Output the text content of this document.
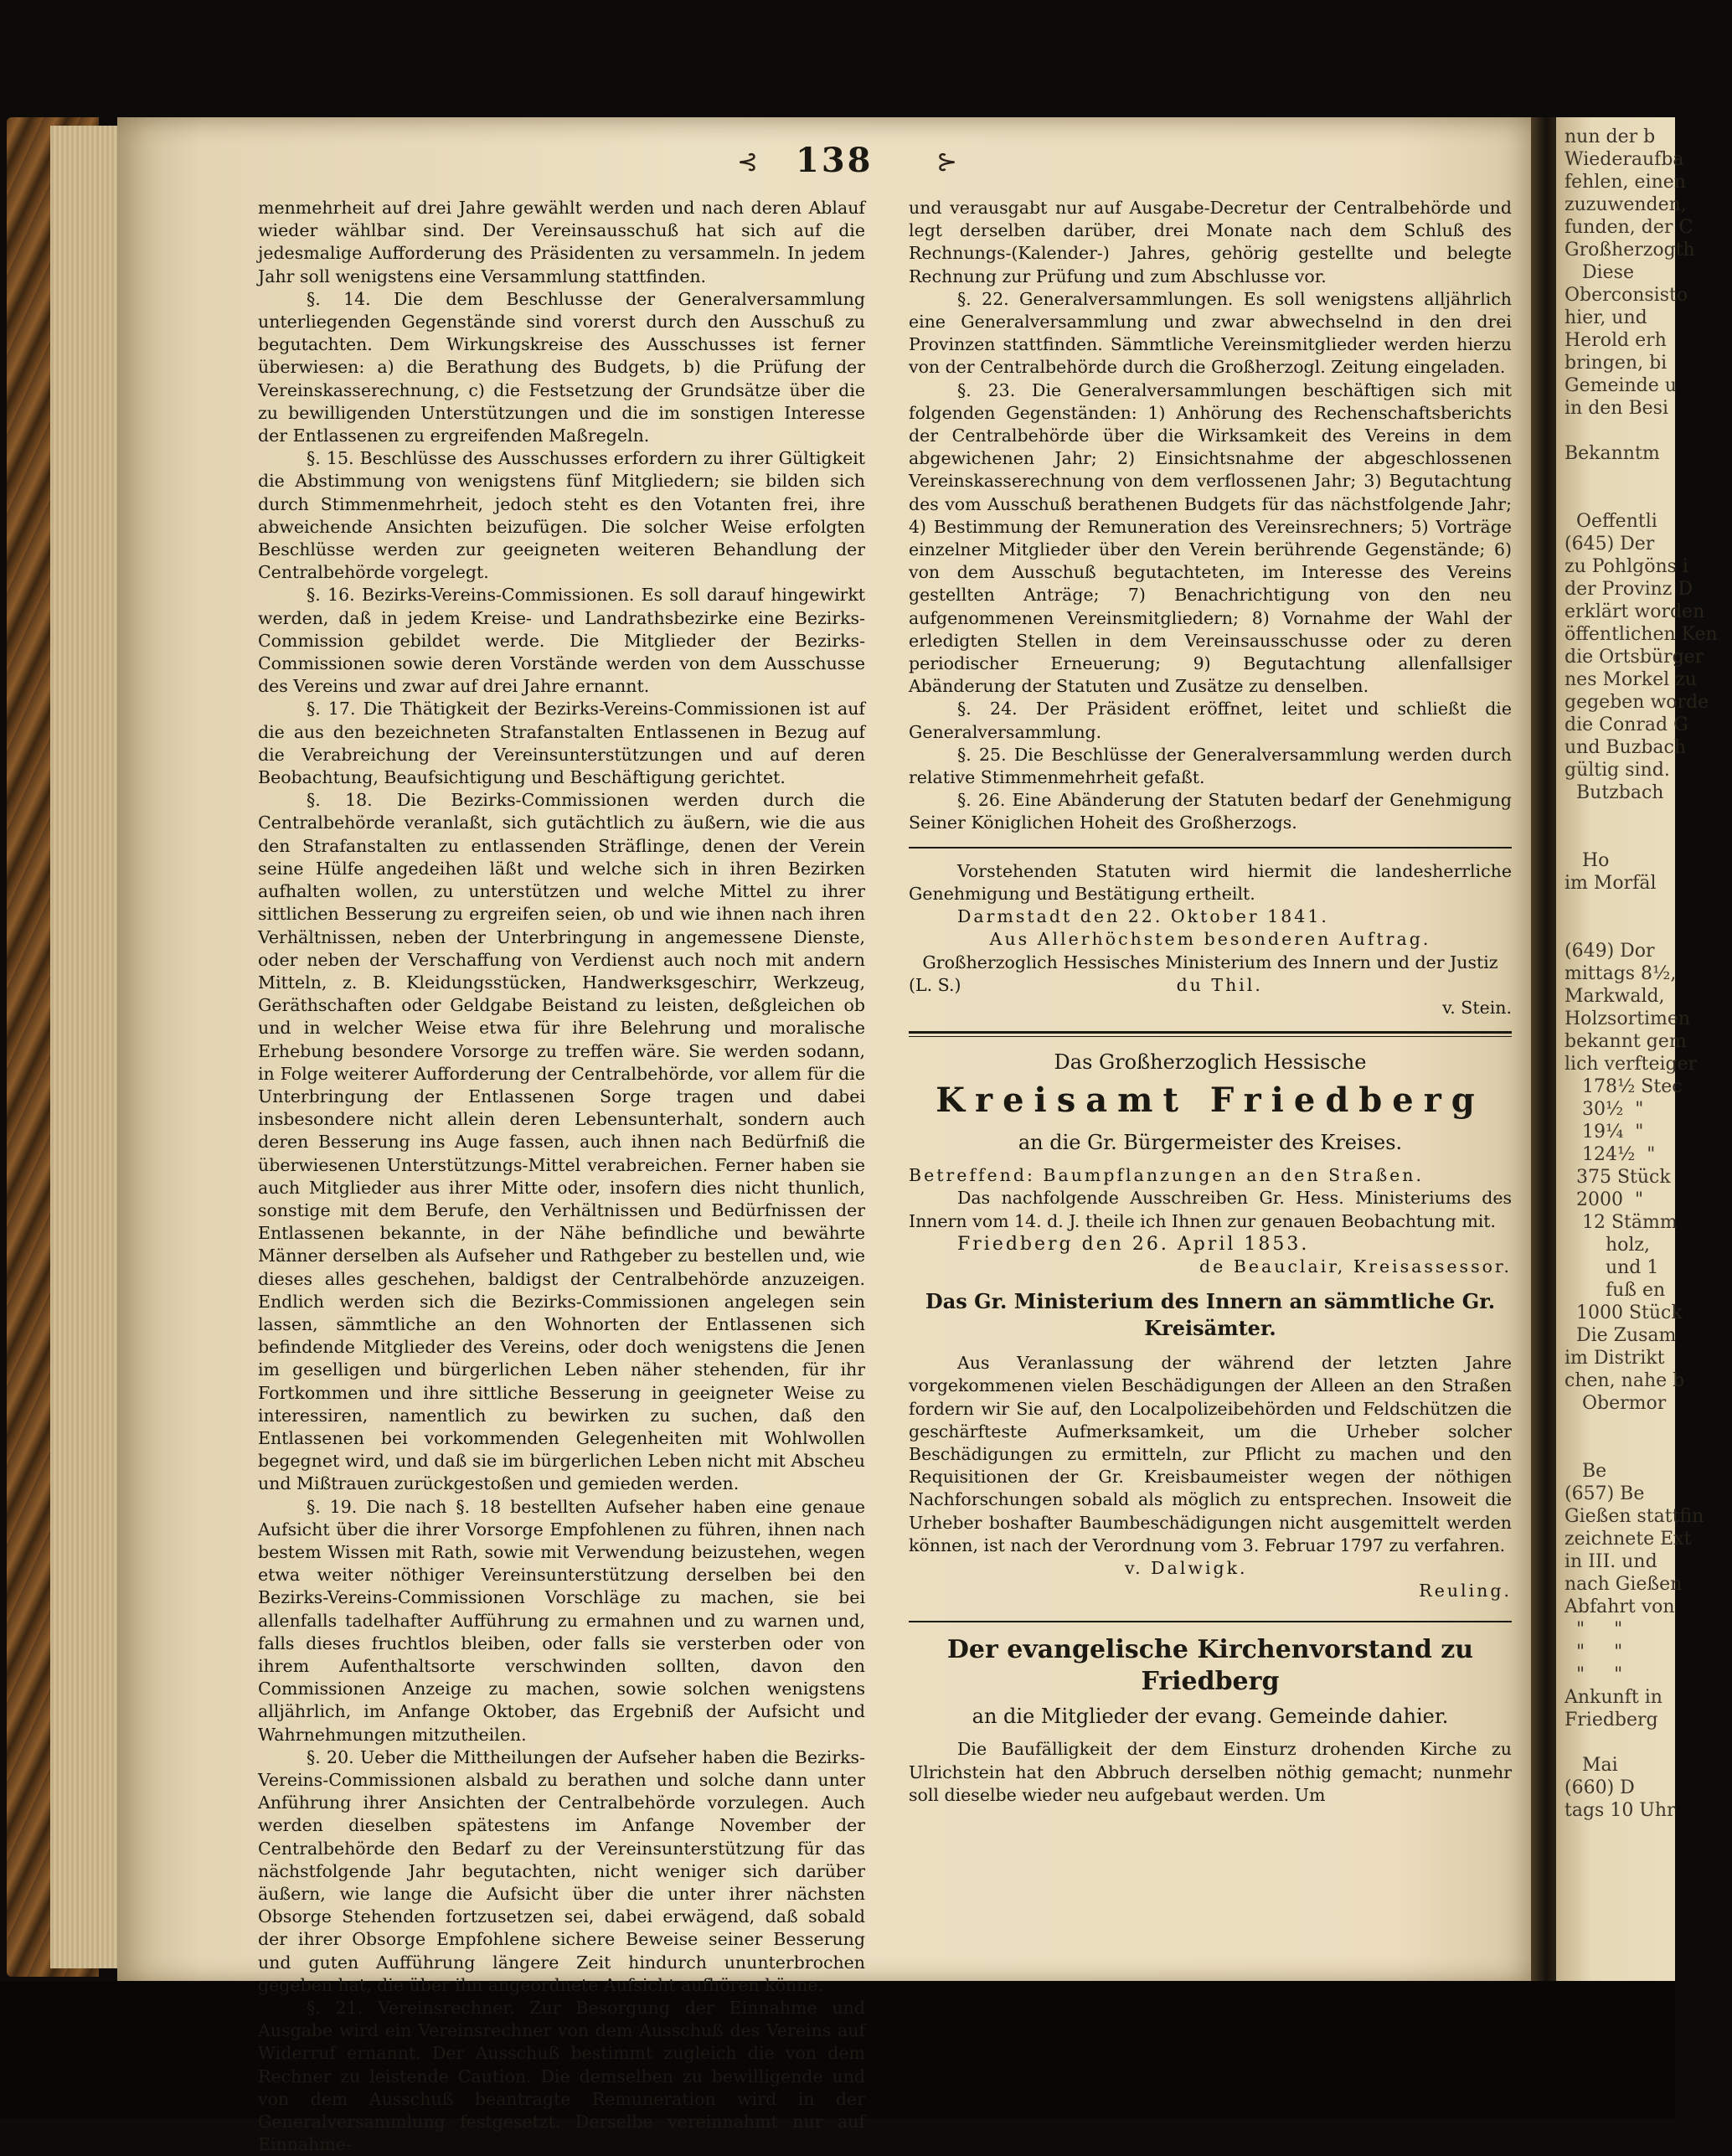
nun der b
Wiederaufba
fehlen, einen
zuzuwenden,
funden, der C
Großherzogth
Diese
Oberconsisto
hier, und
Herold erh
bringen, bi
Gemeinde u
in den Besi

Bekanntm

Oeffentli
(645) Der
zu Pohlgöns i
der Provinz D
erklärt worden
öffentlichen Ken
die Ortsbürger
nes Morkel zu
gegeben worde
die Conrad G
und Buzbach
gültig sind.
Butzbach

Ho
im Morfäl

(649) Dor
mittags 8½,
Markwald,
Holzsortimen
bekannt gem
lich verfteiger
178½ Stec
30½  "
19¼  "
124½  "
375 Stück
2000  "
12 Stämm
holz,
und 1
fuß en
1000 Stück
Die Zusam
im Distrikt
chen, nahe b
Obermor

Be
(657) Be
Gießen stattfin
zeichnete Ext
in III. und
nach Gießen
Abfahrt von
"     "
"     "
"     "
Ankunft in
Friedberg

Mai
(660) D
tags 10 Uhr
⊰ 138	⊱

menmehrheit auf drei Jahre gewählt werden und nach deren Ablauf wieder wählbar sind. Der Vereinsausschuß hat sich auf die jedesmalige Aufforderung des Präsidenten zu versammeln. In jedem Jahr soll wenigstens eine Versammlung stattfinden.

§. 14. Die dem Beschlusse der Generalversammlung unterliegenden Gegenstände sind vorerst durch den Ausschuß zu begutachten. Dem Wirkungskreise des Ausschusses ist ferner überwiesen: a) die Berathung des Budgets, b) die Prüfung der Vereinskasserechnung, c) die Festsetzung der Grundsätze über die zu bewilligenden Unterstützungen und die im sonstigen Interesse der Entlassenen zu ergreifenden Maßregeln.

§. 15. Beschlüsse des Ausschusses erfordern zu ihrer Gültigkeit die Abstimmung von wenigstens fünf Mitgliedern; sie bilden sich durch Stimmenmehrheit, jedoch steht es den Votanten frei, ihre abweichende Ansichten beizufügen. Die solcher Weise erfolgten Beschlüsse werden zur geeigneten weiteren Behandlung der Centralbehörde vorgelegt.

§. 16. Bezirks-Vereins-Commissionen. Es soll darauf hingewirkt werden, daß in jedem Kreise- und Landrathsbezirke eine Bezirks-Commission gebildet werde. Die Mitglieder der Bezirks-Commissionen sowie deren Vorstände werden von dem Ausschusse des Vereins und zwar auf drei Jahre ernannt.

§. 17. Die Thätigkeit der Bezirks-Vereins-Commissionen ist auf die aus den bezeichneten Strafanstalten Entlassenen in Bezug auf die Verabreichung der Vereinsunterstützungen und auf deren Beobachtung, Beaufsichtigung und Beschäftigung gerichtet.

§. 18. Die Bezirks-Commissionen werden durch die Centralbehörde veranlaßt, sich gutächtlich zu äußern, wie die aus den Strafanstalten zu entlassenden Sträflinge, denen der Verein seine Hülfe angedeihen läßt und welche sich in ihren Bezirken aufhalten wollen, zu unterstützen und welche Mittel zu ihrer sittlichen Besserung zu ergreifen seien, ob und wie ihnen nach ihren Verhältnissen, neben der Unterbringung in angemessene Dienste, oder neben der Verschaffung von Verdienst auch noch mit andern Mitteln, z. B. Kleidungsstücken, Handwerksgeschirr, Werkzeug, Geräthschaften oder Geldgabe Beistand zu leisten, deßgleichen ob und in welcher Weise etwa für ihre Belehrung und moralische Erhebung besondere Vorsorge zu treffen wäre. Sie werden sodann, in Folge weiterer Aufforderung der Centralbehörde, vor allem für die Unterbringung der Entlassenen Sorge tragen und dabei insbesondere nicht allein deren Lebensunterhalt, sondern auch deren Besserung ins Auge fassen, auch ihnen nach Bedürfniß die überwiesenen Unterstützungs-Mittel verabreichen. Ferner haben sie auch Mitglieder aus ihrer Mitte oder, insofern dies nicht thunlich, sonstige mit dem Berufe, den Verhältnissen und Bedürfnissen der Entlassenen bekannte, in der Nähe befindliche und bewährte Männer derselben als Aufseher und Rathgeber zu bestellen und, wie dieses alles geschehen, baldigst der Centralbehörde anzuzeigen. Endlich werden sich die Bezirks-Commissionen angelegen sein lassen, sämmtliche an den Wohnorten der Entlassenen sich befindende Mitglieder des Vereins, oder doch wenigstens die Jenen im geselligen und bürgerlichen Leben näher stehenden, für ihr Fortkommen und ihre sittliche Besserung in geeigneter Weise zu interessiren, namentlich zu bewirken zu suchen, daß den Entlassenen bei vorkommenden Gelegenheiten mit Wohlwollen begegnet wird, und daß sie im bürgerlichen Leben nicht mit Abscheu und Mißtrauen zurückgestoßen und gemieden werden.

§. 19. Die nach §. 18 bestellten Aufseher haben eine genaue Aufsicht über die ihrer Vorsorge Empfohlenen zu führen, ihnen nach bestem Wissen mit Rath, sowie mit Verwendung beizustehen, wegen etwa weiter nöthiger Vereinsunterstützung derselben bei den Bezirks-Vereins-Commissionen Vorschläge zu machen, sie bei allenfalls tadelhafter Aufführung zu ermahnen und zu warnen und, falls dieses fruchtlos bleiben, oder falls sie versterben oder von ihrem Aufenthaltsorte verschwinden sollten, davon den Commissionen Anzeige zu machen, sowie solchen wenigstens alljährlich, im Anfange Oktober, das Ergebniß der Aufsicht und Wahrnehmungen mitzutheilen.

§. 20. Ueber die Mittheilungen der Aufseher haben die Bezirks-Vereins-Commissionen alsbald zu berathen und solche dann unter Anführung ihrer Ansichten der Centralbehörde vorzulegen. Auch werden dieselben spätestens im Anfange November der Centralbehörde den Bedarf zu der Vereinsunterstützung für das nächstfolgende Jahr begutachten, nicht weniger sich darüber äußern, wie lange die Aufsicht über die unter ihrer nächsten Obsorge Stehenden fortzusetzen sei, dabei erwägend, daß sobald der ihrer Obsorge Empfohlene sichere Beweise seiner Besserung und guten Aufführung längere Zeit hindurch ununterbrochen gegeben hat, die über ihn angeordnete Aufsicht aufhören könne.

§. 21. Vereinsrechner. Zur Besorgung der Einnahme und Ausgabe wird ein Vereinsrechner von dem Ausschuß des Vereins auf Widerruf ernannt. Der Ausschuß bestimmt zugleich die von dem Rechner zu leistende Caution. Die demselben zu bewilligende und von dem Ausschuß beantragte Remuneration wird in der Generalversammlung festgesetzt. Derselbe vereinnahmt nur auf Einnahme-

und verausgabt nur auf Ausgabe-Decretur der Centralbehörde und legt derselben darüber, drei Monate nach dem Schluß des Rechnungs-(Kalender-) Jahres, gehörig gestellte und belegte Rechnung zur Prüfung und zum Abschlusse vor.

§. 22. Generalversammlungen. Es soll wenigstens alljährlich eine Generalversammlung und zwar abwechselnd in den drei Provinzen stattfinden. Sämmtliche Vereinsmitglieder werden hierzu von der Centralbehörde durch die Großherzogl. Zeitung eingeladen.

§. 23. Die Generalversammlungen beschäftigen sich mit folgenden Gegenständen: 1) Anhörung des Rechenschaftsberichts der Centralbehörde über die Wirksamkeit des Vereins in dem abgewichenen Jahr; 2) Einsichtsnahme der abgeschlossenen Vereinskasserechnung von dem verflossenen Jahr; 3) Begutachtung des vom Ausschuß berathenen Budgets für das nächstfolgende Jahr; 4) Bestimmung der Remuneration des Vereinsrechners; 5) Vorträge einzelner Mitglieder über den Verein berührende Gegenstände; 6) von dem Ausschuß begutachteten, im Interesse des Vereins gestellten Anträge; 7) Benachrichtigung von den neu aufgenommenen Vereinsmitgliedern; 8) Vornahme der Wahl der erledigten Stellen in dem Vereinsausschusse oder zu deren periodischer Erneuerung; 9) Begutachtung allenfallsiger Abänderung der Statuten und Zusätze zu denselben.

§. 24. Der Präsident eröffnet, leitet und schließt die Generalversammlung.

§. 25. Die Beschlüsse der Generalversammlung werden durch relative Stimmenmehrheit gefaßt.

§. 26. Eine Abänderung der Statuten bedarf der Genehmigung Seiner Königlichen Hoheit des Großherzogs.

Vorstehenden Statuten wird hiermit die landesherrliche Genehmigung und Bestätigung ertheilt.

Darmstadt den 22. Oktober 1841.

Aus Allerhöchstem besonderen Auftrag.

Großherzoglich Hessisches Ministerium des Innern und der Justiz

(L. S.)	du Thil.
v. Stein.
Das Großherzoglich Hessische
Kreisamt Friedberg
an die Gr. Bürgermeister des Kreises.

Betreffend: Baumpflanzungen an den Straßen.

Das nachfolgende Ausschreiben Gr. Hess. Ministeriums des Innern vom 14. d. J. theile ich Ihnen zur genauen Beobachtung mit.

Friedberg den 26. April 1853.

de Beauclair, Kreisassessor.
Das Gr. Ministerium des Innern an sämmtliche Gr. Kreisämter.

Aus Veranlassung der während der letzten Jahre vorgekommenen vielen Beschädigungen der Alleen an den Straßen fordern wir Sie auf, den Localpolizeibehörden und Feldschützen die geschärfteste Aufmerksamkeit, um die Urheber solcher Beschädigungen zu ermitteln, zur Pflicht zu machen und den Requisitionen der Gr. Kreisbaumeister wegen der nöthigen Nachforschungen sobald als möglich zu entsprechen. Insoweit die Urheber boshafter Baumbeschädigungen nicht ausgemittelt werden können, ist nach der Verordnung vom 3. Februar 1797 zu verfahren.

v. Dalwigk.

Reuling.
Der evangelische Kirchenvorstand zu Friedberg
an die Mitglieder der evang. Gemeinde dahier.

Die Baufälligkeit der dem Einsturz drohenden Kirche zu Ulrichstein hat den Abbruch derselben nöthig gemacht; nunmehr soll dieselbe wieder neu aufgebaut werden. Um
